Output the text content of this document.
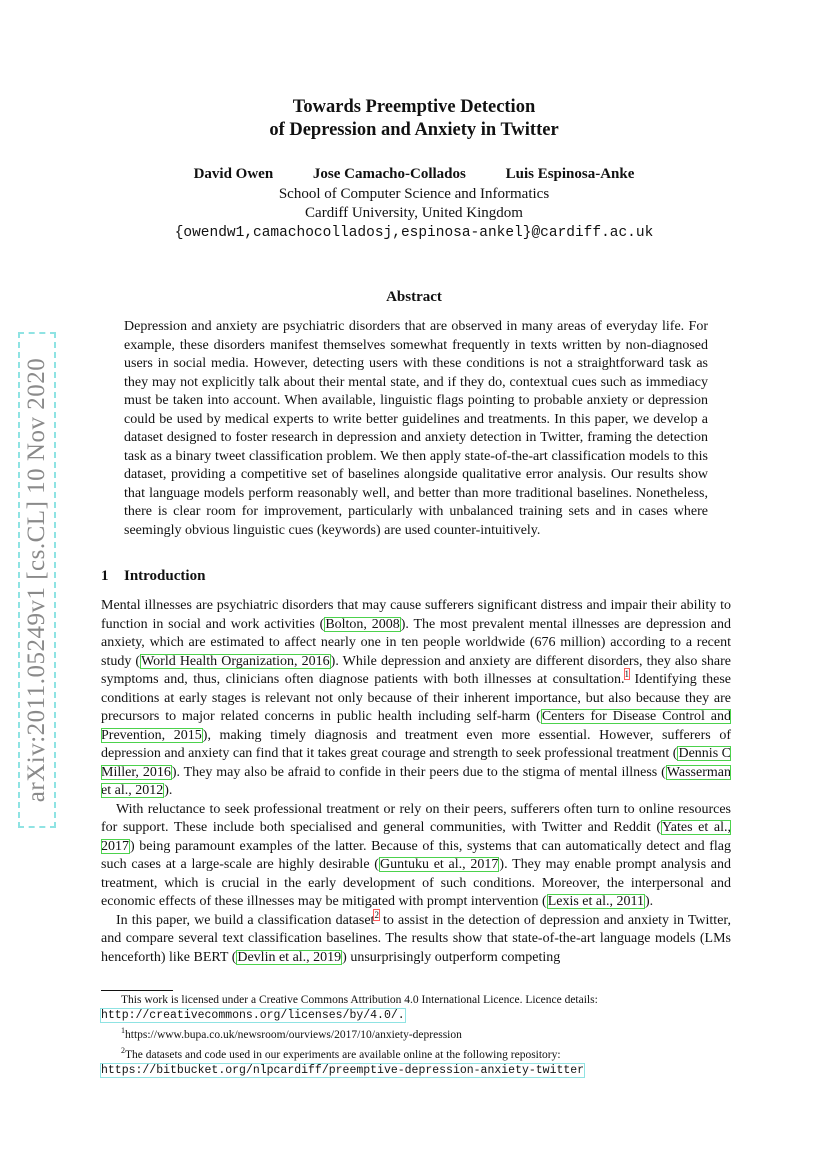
arXiv:2011.05249v1 [cs.CL] 10 Nov 2020
Towards Preemptive Detection
of Depression and Anxiety in Twitter
David Owen	Jose Camacho-Collados	Luis Espinosa-Anke
School of Computer Science and Informatics
Cardiff University, United Kingdom
{owendw1,camachocolladosj,espinosa-ankel}@cardiff.ac.uk
Abstract
Depression and anxiety are psychiatric disorders that are observed in many areas of everyday life. For example, these disorders manifest themselves somewhat frequently in texts written by non-diagnosed users in social media. However, detecting users with these conditions is not a straightforward task as they may not explicitly talk about their mental state, and if they do, contextual cues such as immediacy must be taken into account. When available, linguistic flags pointing to probable anxiety or depression could be used by medical experts to write better guidelines and treatments. In this paper, we develop a dataset designed to foster research in depression and anxiety detection in Twitter, framing the detection task as a binary tweet classification problem. We then apply state-of-the-art classification models to this dataset, providing a competitive set of baselines alongside qualitative error analysis. Our results show that language models perform reasonably well, and better than more traditional baselines. Nonetheless, there is clear room for improvement, particularly with unbalanced training sets and in cases where seemingly obvious linguistic cues (keywords) are used counter-intuitively.
1 Introduction

Mental illnesses are psychiatric disorders that may cause sufferers significant distress and impair their ability to function in social and work activities (Bolton, 2008). The most prevalent mental illnesses are depression and anxiety, which are estimated to affect nearly one in ten people worldwide (676 million) according to a recent study (World Health Organization, 2016). While depression and anxiety are different disorders, they also share symptoms and, thus, clinicians often diagnose patients with both illnesses at consultation.$^1$ Identifying these conditions at early stages is relevant not only because of their inherent importance, but also because they are precursors to major related concerns in public health including self-harm (Centers for Disease Control and Prevention, 2015), making timely diagnosis and treatment even more essential. However, sufferers of depression and anxiety can find that it takes great courage and strength to seek professional treatment (Dennis C Miller, 2016). They may also be afraid to confide in their peers due to the stigma of mental illness (Wasserman et al., 2012).

With reluctance to seek professional treatment or rely on their peers, sufferers often turn to online resources for support. These include both specialised and general communities, with Twitter and Reddit (Yates et al., 2017) being paramount examples of the latter. Because of this, systems that can automatically detect and flag such cases at a large-scale are highly desirable (Guntuku et al., 2017). They may enable prompt analysis and treatment, which is crucial in the early development of such conditions. Moreover, the interpersonal and economic effects of these illnesses may be mitigated with prompt intervention (Lexis et al., 2011).

In this paper, we build a classification dataset$^2$ to assist in the detection of depression and anxiety in Twitter, and compare several text classification baselines. The results show that state-of-the-art language models (LMs henceforth) like BERT (Devlin et al., 2019) unsurprisingly outperform competing

This work is licensed under a Creative Commons Attribution 4.0 International Licence. Licence details:
http://creativecommons.org/licenses/by/4.0/.
$^1$https://www.bupa.co.uk/newsroom/ourviews/2017/10/anxiety-depression
$^2$The datasets and code used in our experiments are available online at the following repository:
https://bitbucket.org/nlpcardiff/preemptive-depression-anxiety-twitter
